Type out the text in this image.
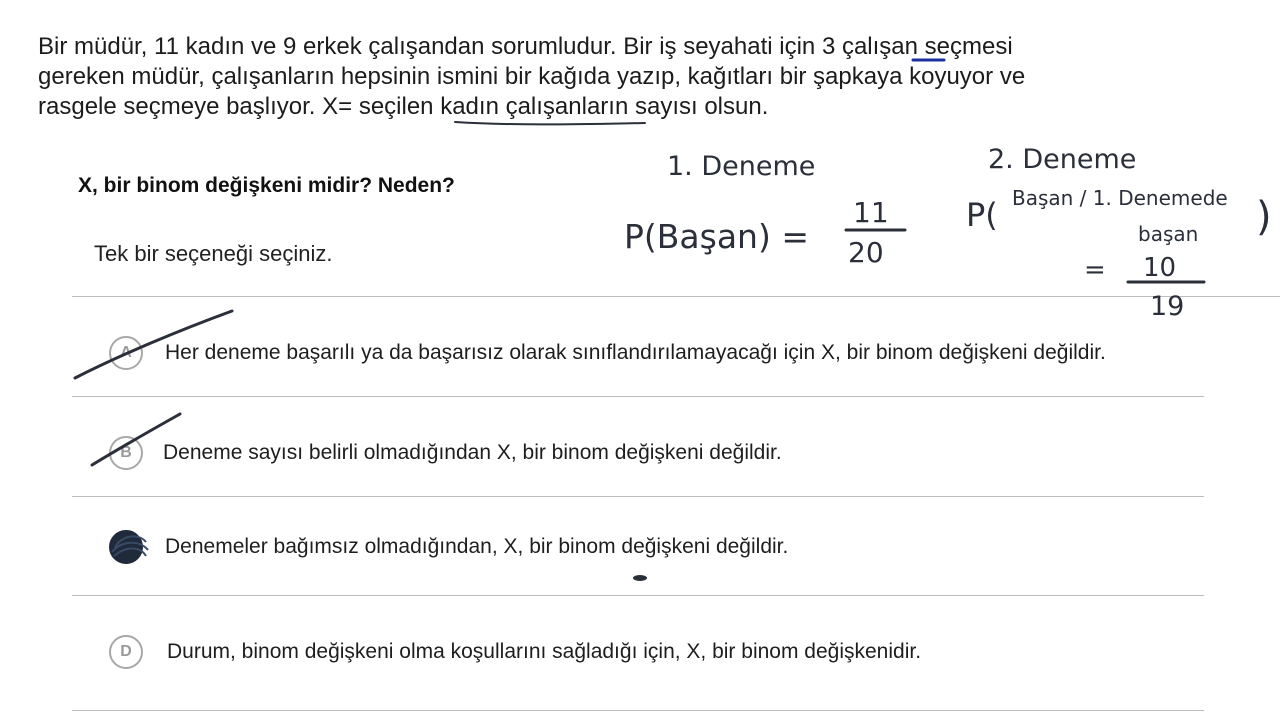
Bir müdür, 11 kadın ve 9 erkek çalışandan sorumludur. Bir iş seyahati için 3 çalışan seçmesi
gereken müdür, çalışanların hepsinin ismini bir kağıda yazıp, kağıtları bir şapkaya koyuyor ve
rasgele seçmeye başlıyor. X= seçilen kadın çalışanların sayısı olsun.
X, bir binom değişkeni midir? Neden?
Tek bir seçeneği seçiniz.
A	Her deneme başarılı ya da başarısız olarak sınıflandırılamayacağı için X, bir binom değişkeni değildir.
B	Deneme sayısı belirli olmadığından X, bir binom değişkeni değildir.
C	Denemeler bağımsız olmadığından, X, bir binom değişkeni değildir.
D	Durum, binom değişkeni olma koşullarını sağladığı için, X, bir binom değişkenidir.
1. Deneme	2. Deneme
P(Başan) =
11
20
P( Başan / 1. Denemede
başan )
= 10
19
